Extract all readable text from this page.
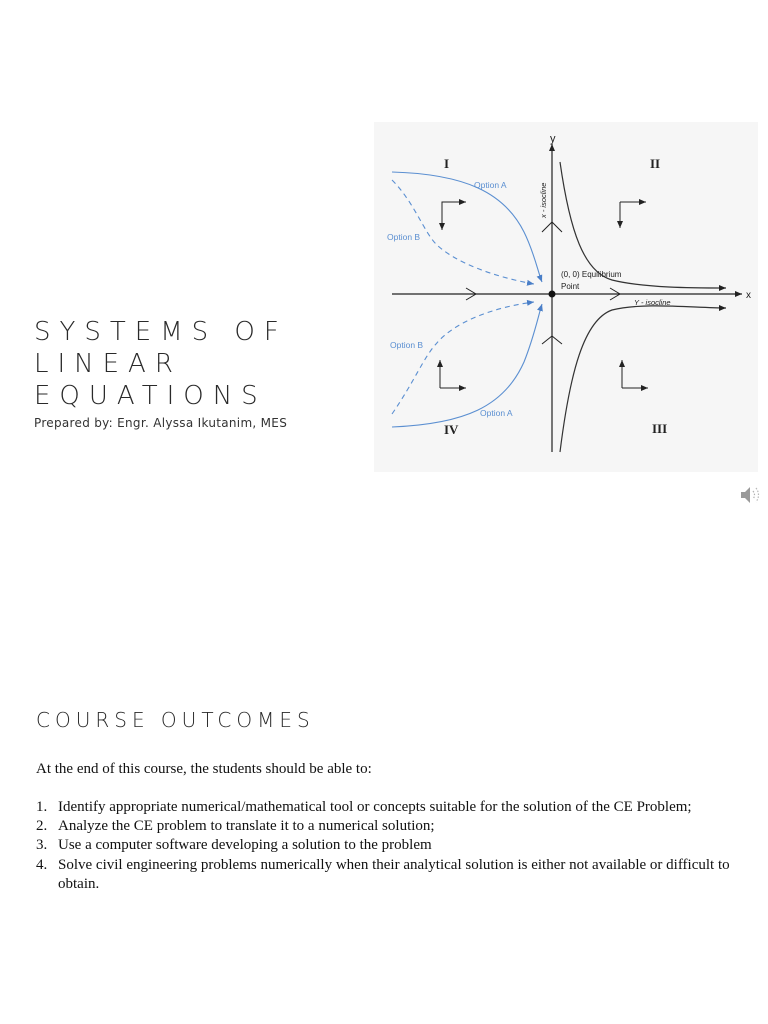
SYSTEMS OF LINEAR EQUATIONS
Prepared by: Engr. Alyssa Ikutanim, MES
x
y
(0, 0) Equilibrium
Point
Option A
Option B
Option B
Option A
x - isocline
Y - isocline
I	II
III
IV
COURSE OUTCOMES

At the end of this course, the students should be able to:

1. Identify appropriate numerical/mathematical tool or concepts suitable for the solution of the CE Problem;
2. Analyze the CE problem to translate it to a numerical solution;
3. Use a computer software developing a solution to the problem
4. Solve civil engineering problems numerically when their analytical solution is either not available or difficult to obtain.
